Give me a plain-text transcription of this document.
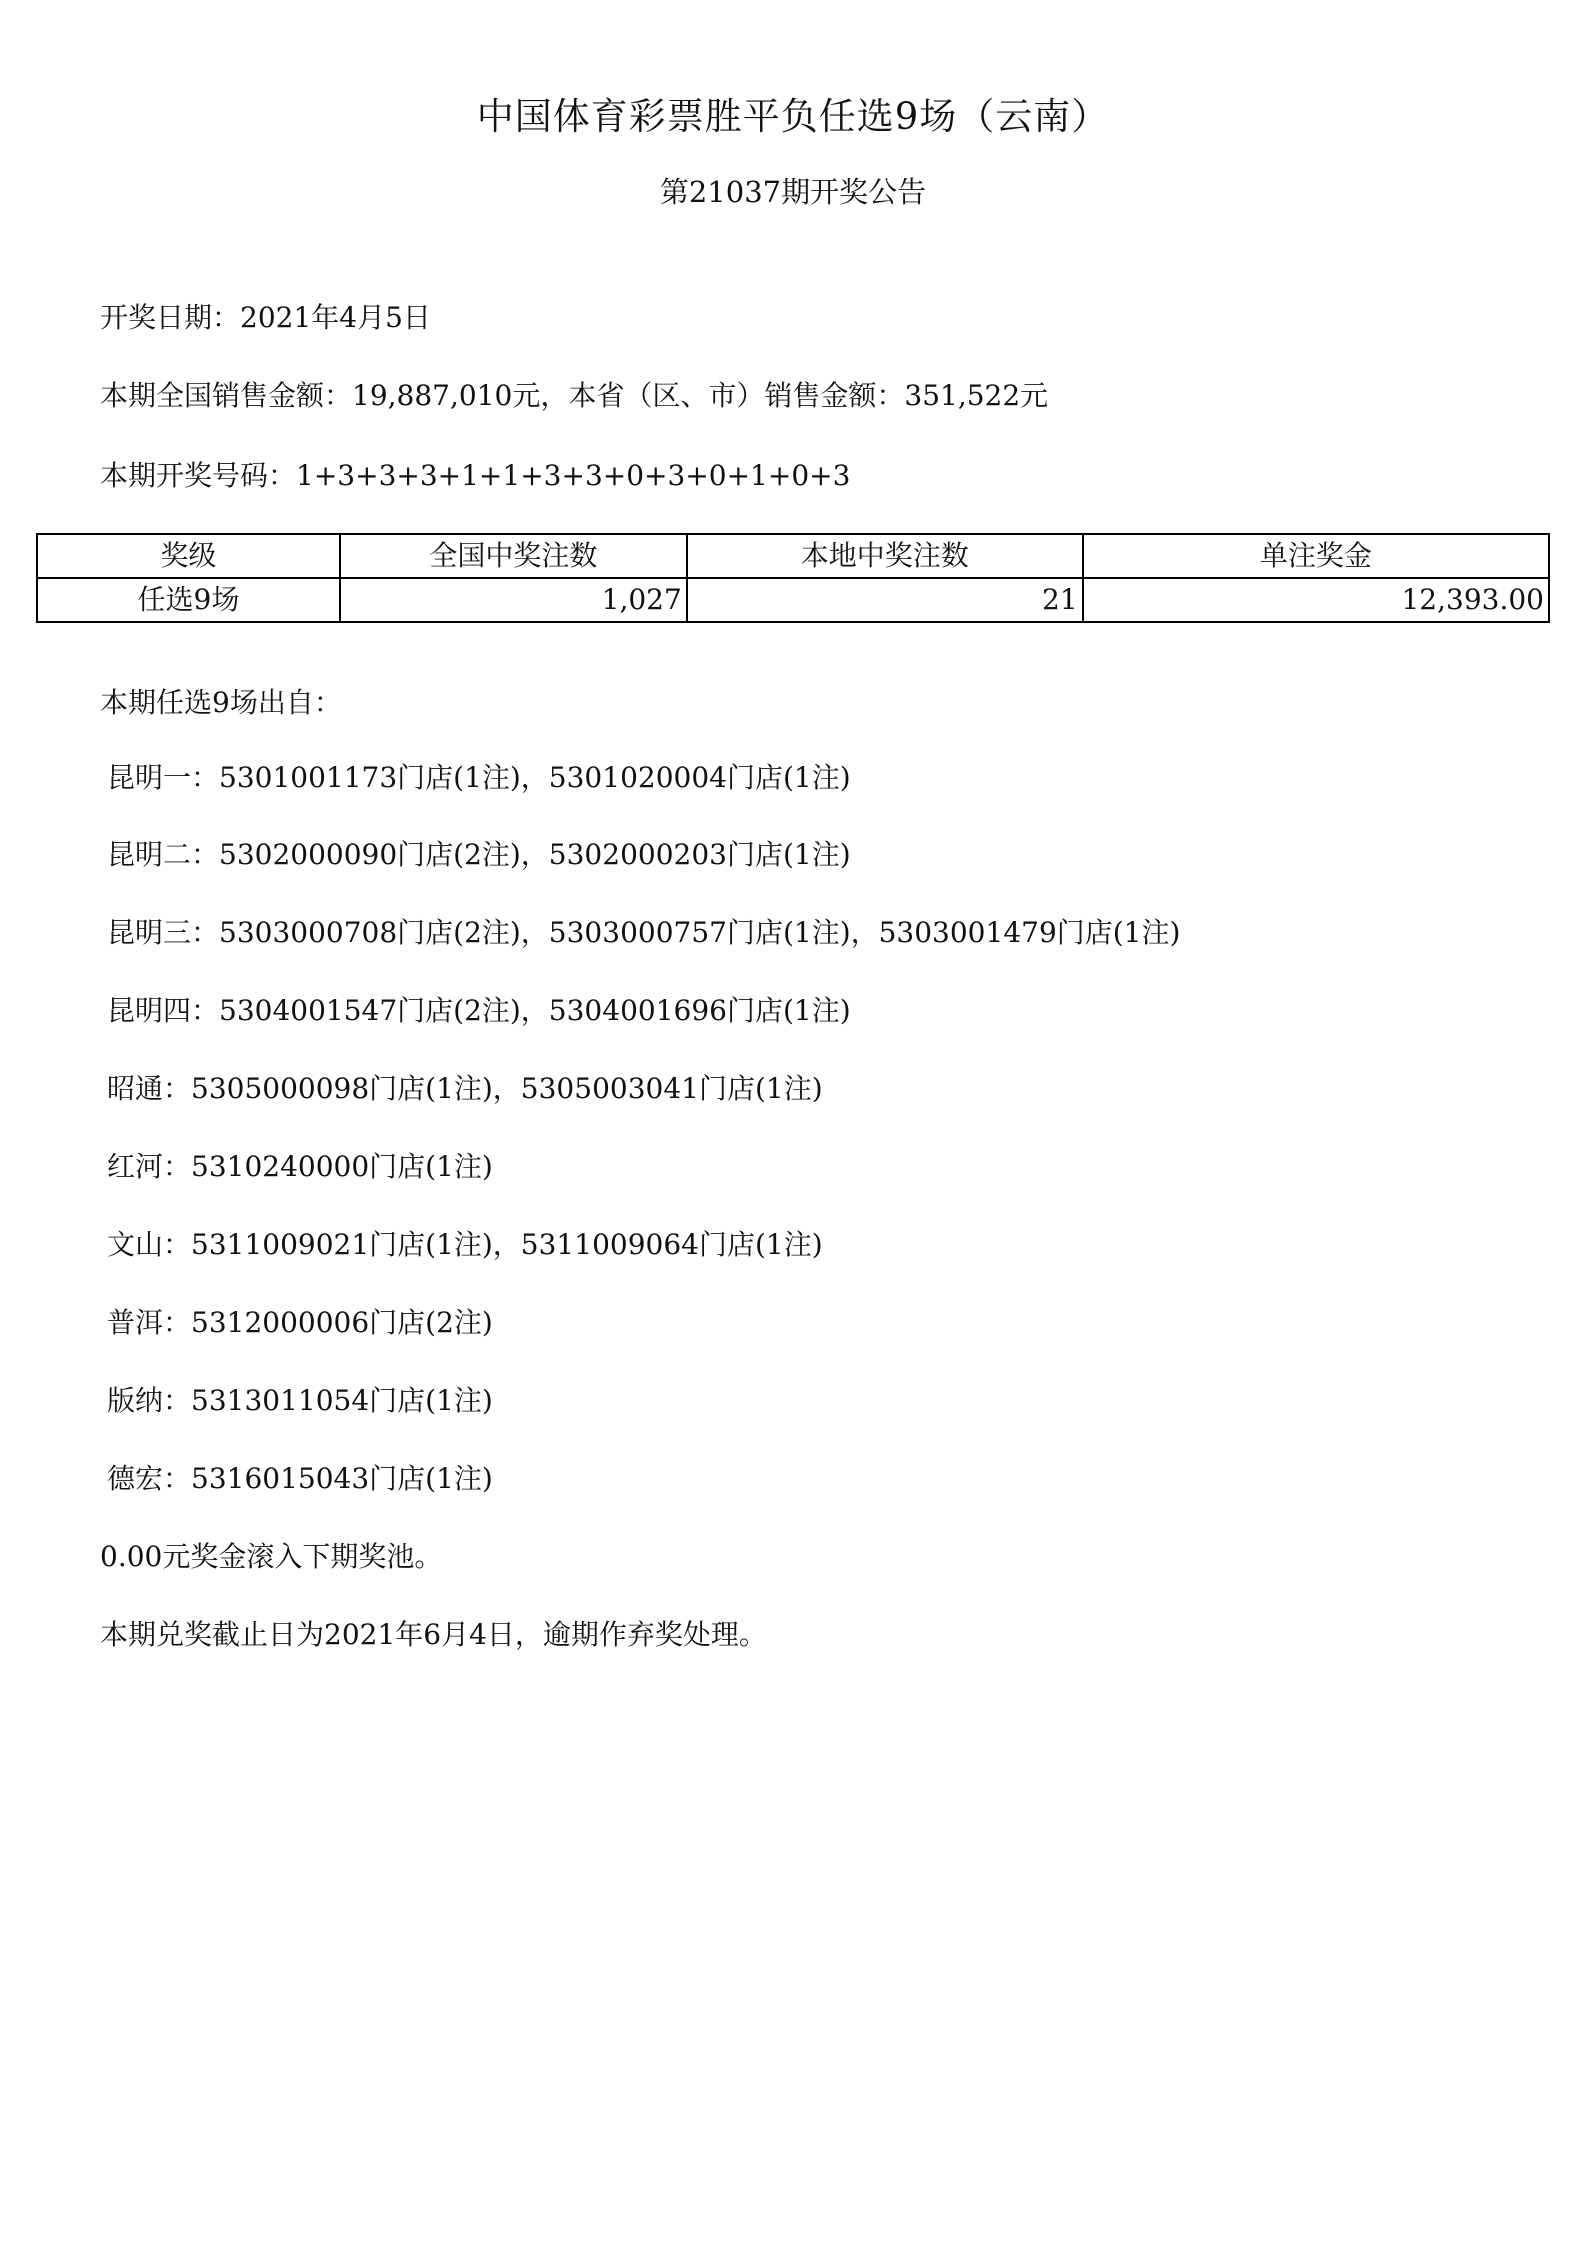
中国体育彩票胜平负任选9场（云南）
第21037期开奖公告
开奖日期：2021年4月5日
本期全国销售金额：19,887,010元，本省（区、市）销售金额：351,522元
本期开奖号码：1+3+3+3+1+1+3+3+0+3+0+1+0+3
奖级	全国中奖注数	本地中奖注数	单注奖金
任选9场	1,027	21	12,393.00
本期任选9场出自：
昆明一：5301001173门店(1注)，5301020004门店(1注)
昆明二：5302000090门店(2注)，5302000203门店(1注)
昆明三：5303000708门店(2注)，5303000757门店(1注)，5303001479门店(1注)
昆明四：5304001547门店(2注)，5304001696门店(1注)
昭通：5305000098门店(1注)，5305003041门店(1注)
红河：5310240000门店(1注)
文山：5311009021门店(1注)，5311009064门店(1注)
普洱：5312000006门店(2注)
版纳：5313011054门店(1注)
德宏：5316015043门店(1注)
0.00元奖金滚入下期奖池。
本期兑奖截止日为2021年6月4日，逾期作弃奖处理。
